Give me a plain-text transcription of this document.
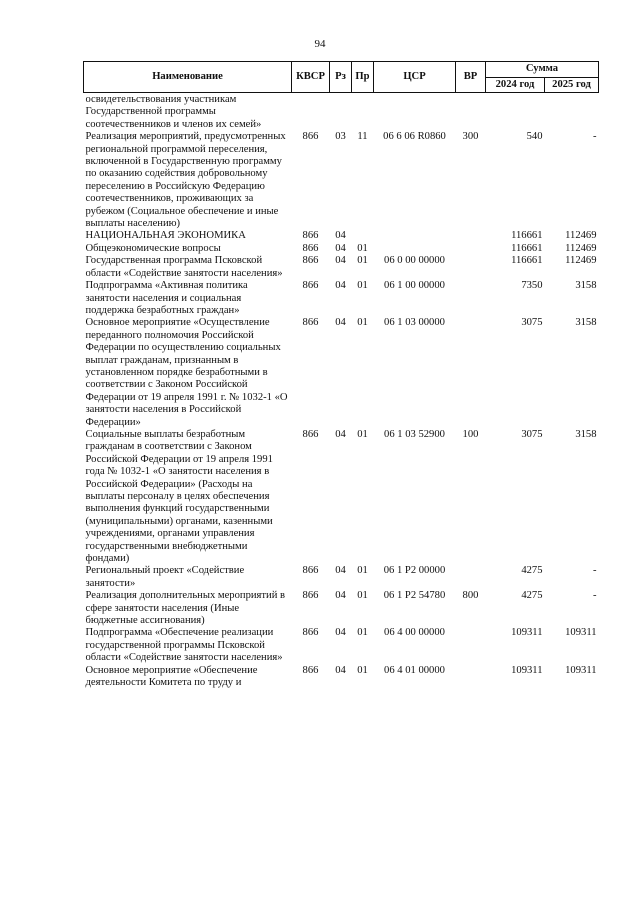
94
Наименование	КВСР	Рз	Пр	ЦСР	ВР	Сумма	
						2024 год	2025 год
освидетельствования участникам Государственной программы соотечественников и членов их семей»							
Реализация мероприятий, предусмотренных региональной программой переселения, включенной в Государственную программу по оказанию содействия добровольному переселению в Российскую Федерацию соотечественников, проживающих за рубежом (Социальное обеспечение и иные выплаты населению)	866	03	11	06 6 06 R0860	300	540	-
НАЦИОНАЛЬНАЯ ЭКОНОМИКА	866	04				116661	112469
Общеэкономические вопросы	866	04	01			116661	112469
Государственная программа Псковской области «Содействие занятости населения»	866	04	01	06 0 00 00000		116661	112469
Подпрограмма «Активная политика занятости населения и социальная поддержка безработных граждан»	866	04	01	06 1 00 00000		7350	3158
Основное мероприятие «Осуществление переданного полномочия Российской Федерации по осуществлению социальных выплат гражданам, признанным в установленном порядке безработными в соответствии с Законом Российской Федерации от 19 апреля 1991 г. № 1032-1 «О занятости населения в Российской Федерации»	866	04	01	06 1 03 00000		3075	3158
Социальные выплаты безработным гражданам в соответствии с Законом Российской Федерации от 19 апреля 1991 года № 1032-1 «О занятости населения в Российской Федерации» (Расходы на выплаты персоналу в целях обеспечения выполнения функций государственными (муниципальными) органами, казенными учреждениями, органами управления государственными внебюджетными фондами)	866	04	01	06 1 03 52900	100	3075	3158
Региональный проект «Содействие занятости»	866	04	01	06 1 P2 00000		4275	-
Реализация дополнительных мероприятий в сфере занятости населения (Иные бюджетные ассигнования)	866	04	01	06 1 P2 54780	800	4275	-
Подпрограмма «Обеспечение реализации государственной программы Псковской области «Содействие занятости населения»	866	04	01	06 4 00 00000		109311	109311
Основное мероприятие «Обеспечение деятельности Комитета по труду и	866	04	01	06 4 01 00000		109311	109311
